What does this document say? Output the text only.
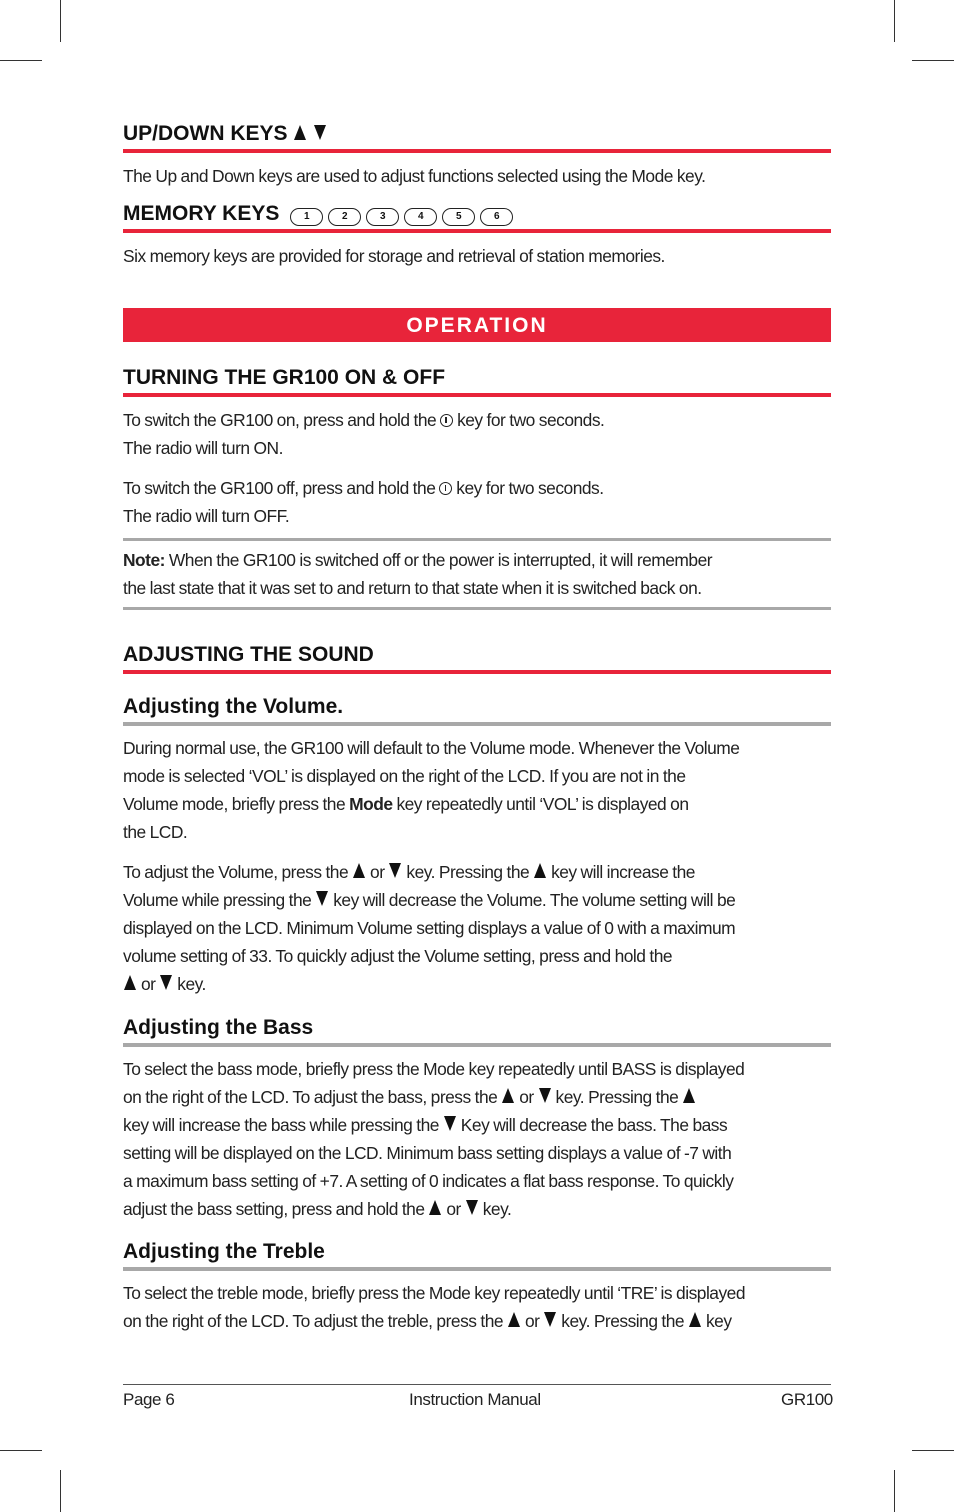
UP/DOWN KEYS
The Up and Down keys are used to adjust functions selected using the Mode key.
MEMORY KEYS 1	2	3	4	5	6
Six memory keys are provided for storage and retrieval of station memories.
OPERATION
TURNING THE GR100 ON & OFF
To switch the GR100 on, press and hold the key for two seconds.
The radio will turn ON.
To switch the GR100 off, press and hold the key for two seconds.
The radio will turn OFF.
Note: When the GR100 is switched off or the power is interrupted, it will remember
the last state that it was set to and return to that state when it is switched back on.
ADJUSTING THE SOUND
Adjusting the Volume.
During normal use, the GR100 will default to the Volume mode. Whenever the Volume
mode is selected ‘VOL’ is displayed on the right of the LCD. If you are not in the
Volume mode, briefly press the Mode key repeatedly until ‘VOL’ is displayed on
the LCD.
To adjust the Volume, press the or key. Pressing the key will increase the
Volume while pressing the key will decrease the Volume. The volume setting will be
displayed on the LCD. Minimum Volume setting displays a value of 0 with a maximum
volume setting of 33. To quickly adjust the Volume setting, press and hold the
or key.
Adjusting the Bass
To select the bass mode, briefly press the Mode key repeatedly until BASS is displayed
on the right of the LCD. To adjust the bass, press the or key. Pressing the
key will increase the bass while pressing the Key will decrease the bass. The bass
setting will be displayed on the LCD. Minimum bass setting displays a value of -7 with
a maximum bass setting of +7. A setting of 0 indicates a flat bass response. To quickly
adjust the bass setting, press and hold the or key.
Adjusting the Treble
To select the treble mode, briefly press the Mode key repeatedly until ‘TRE’ is displayed
on the right of the LCD. To adjust the treble, press the or key. Pressing the key
Page 6	Instruction Manual	GR100
